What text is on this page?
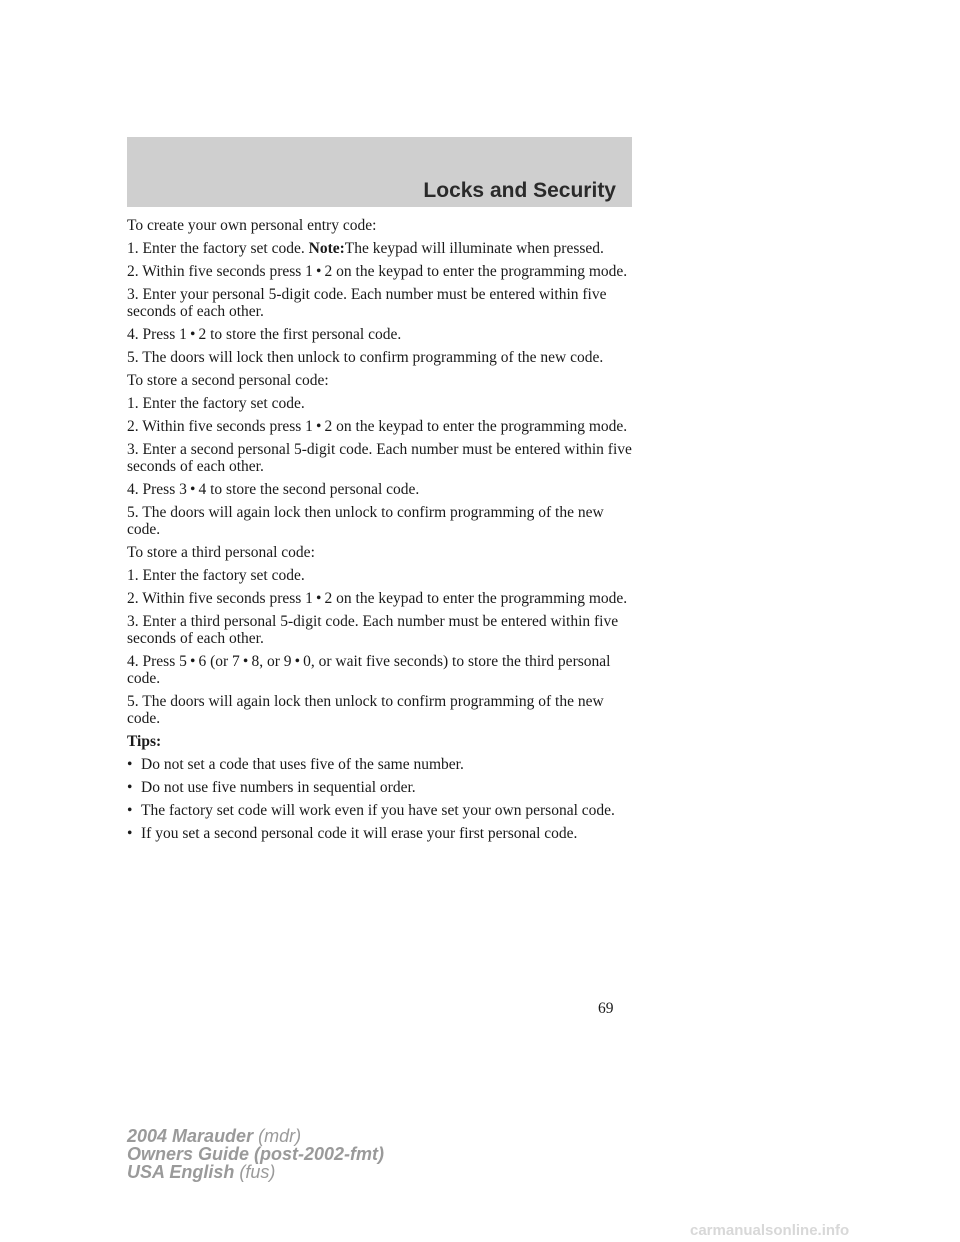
Locks and Security

To create your own personal entry code:

1. Enter the factory set code. Note:The keypad will illuminate when pressed.

2. Within five seconds press 1 • 2 on the keypad to enter the programming mode.

3. Enter your personal 5-digit code. Each number must be entered within five seconds of each other.

4. Press 1 • 2 to store the first personal code.

5. The doors will lock then unlock to confirm programming of the new code.

To store a second personal code:

1. Enter the factory set code.

2. Within five seconds press 1 • 2 on the keypad to enter the programming mode.

3. Enter a second personal 5-digit code. Each number must be entered within five seconds of each other.

4. Press 3 • 4 to store the second personal code.

5. The doors will again lock then unlock to confirm programming of the new code.

To store a third personal code:

1. Enter the factory set code.

2. Within five seconds press 1 • 2 on the keypad to enter the programming mode.

3. Enter a third personal 5-digit code. Each number must be entered within five seconds of each other.

4. Press 5 • 6 (or 7 • 8, or 9 • 0, or wait five seconds) to store the third personal code.

5. The doors will again lock then unlock to confirm programming of the new code.

Tips:

• Do not set a code that uses five of the same number.
• Do not use five numbers in sequential order.
• The factory set code will work even if you have set your own personal code.
• If you set a second personal code it will erase your first personal code.
69
2004 Marauder (mdr)
Owners Guide (post-2002-fmt)
USA English (fus)
carmanualsonline.info
